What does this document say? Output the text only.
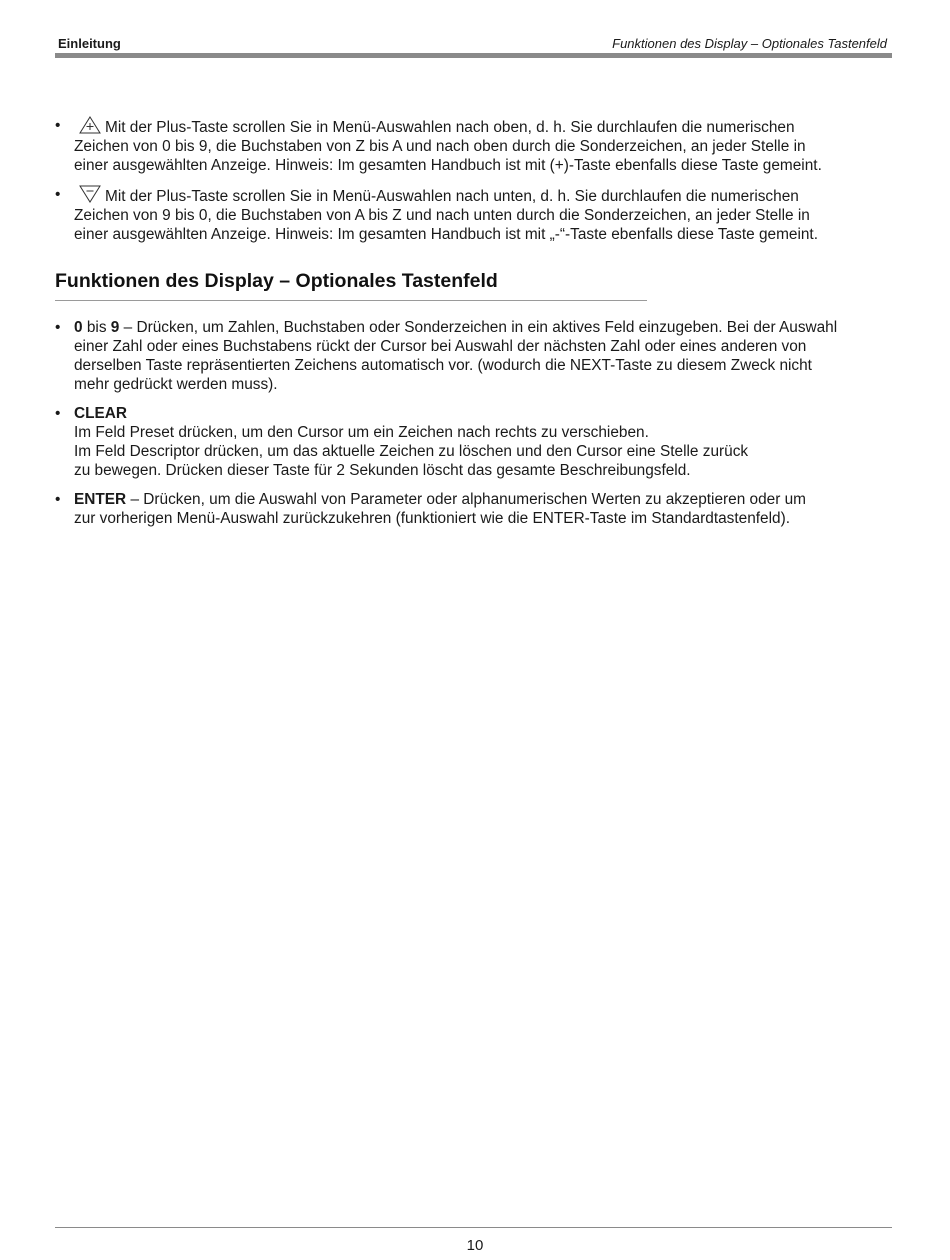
Einleitung	Funktionen des Display – Optionales Tastenfeld
•	Mit der Plus-Taste scrollen Sie in Menü-Auswahlen nach oben, d. h. Sie durchlaufen die numerischen
Zeichen von 0 bis 9, die Buchstaben von Z bis A und nach oben durch die Sonderzeichen, an jeder Stelle in
einer ausgewählten Anzeige. Hinweis: Im gesamten Handbuch ist mit (+)-Taste ebenfalls diese Taste gemeint.
•	Mit der Plus-Taste scrollen Sie in Menü-Auswahlen nach unten, d. h. Sie durchlaufen die numerischen
Zeichen von 9 bis 0, die Buchstaben von A bis Z und nach unten durch die Sonderzeichen, an jeder Stelle in
einer ausgewählten Anzeige. Hinweis: Im gesamten Handbuch ist mit „-“-Taste ebenfalls diese Taste gemeint.
Funktionen des Display – Optionales Tastenfeld
• 0 bis 9 – Drücken, um Zahlen, Buchstaben oder Sonderzeichen in ein aktives Feld einzugeben. Bei der Auswahl
einer Zahl oder eines Buchstabens rückt der Cursor bei Auswahl der nächsten Zahl oder eines anderen von
derselben Taste repräsentierten Zeichens automatisch vor. (wodurch die NEXT-Taste zu diesem Zweck nicht
mehr gedrückt werden muss).
• CLEAR
Im Feld Preset drücken, um den Cursor um ein Zeichen nach rechts zu verschieben.
Im Feld Descriptor drücken, um das aktuelle Zeichen zu löschen und den Cursor eine Stelle zurück
zu bewegen. Drücken dieser Taste für 2 Sekunden löscht das gesamte Beschreibungsfeld.
• ENTER – Drücken, um die Auswahl von Parameter oder alphanumerischen Werten zu akzeptieren oder um
zur vorherigen Menü-Auswahl zurückzukehren (funktioniert wie die ENTER-Taste im Standardtastenfeld).
10
